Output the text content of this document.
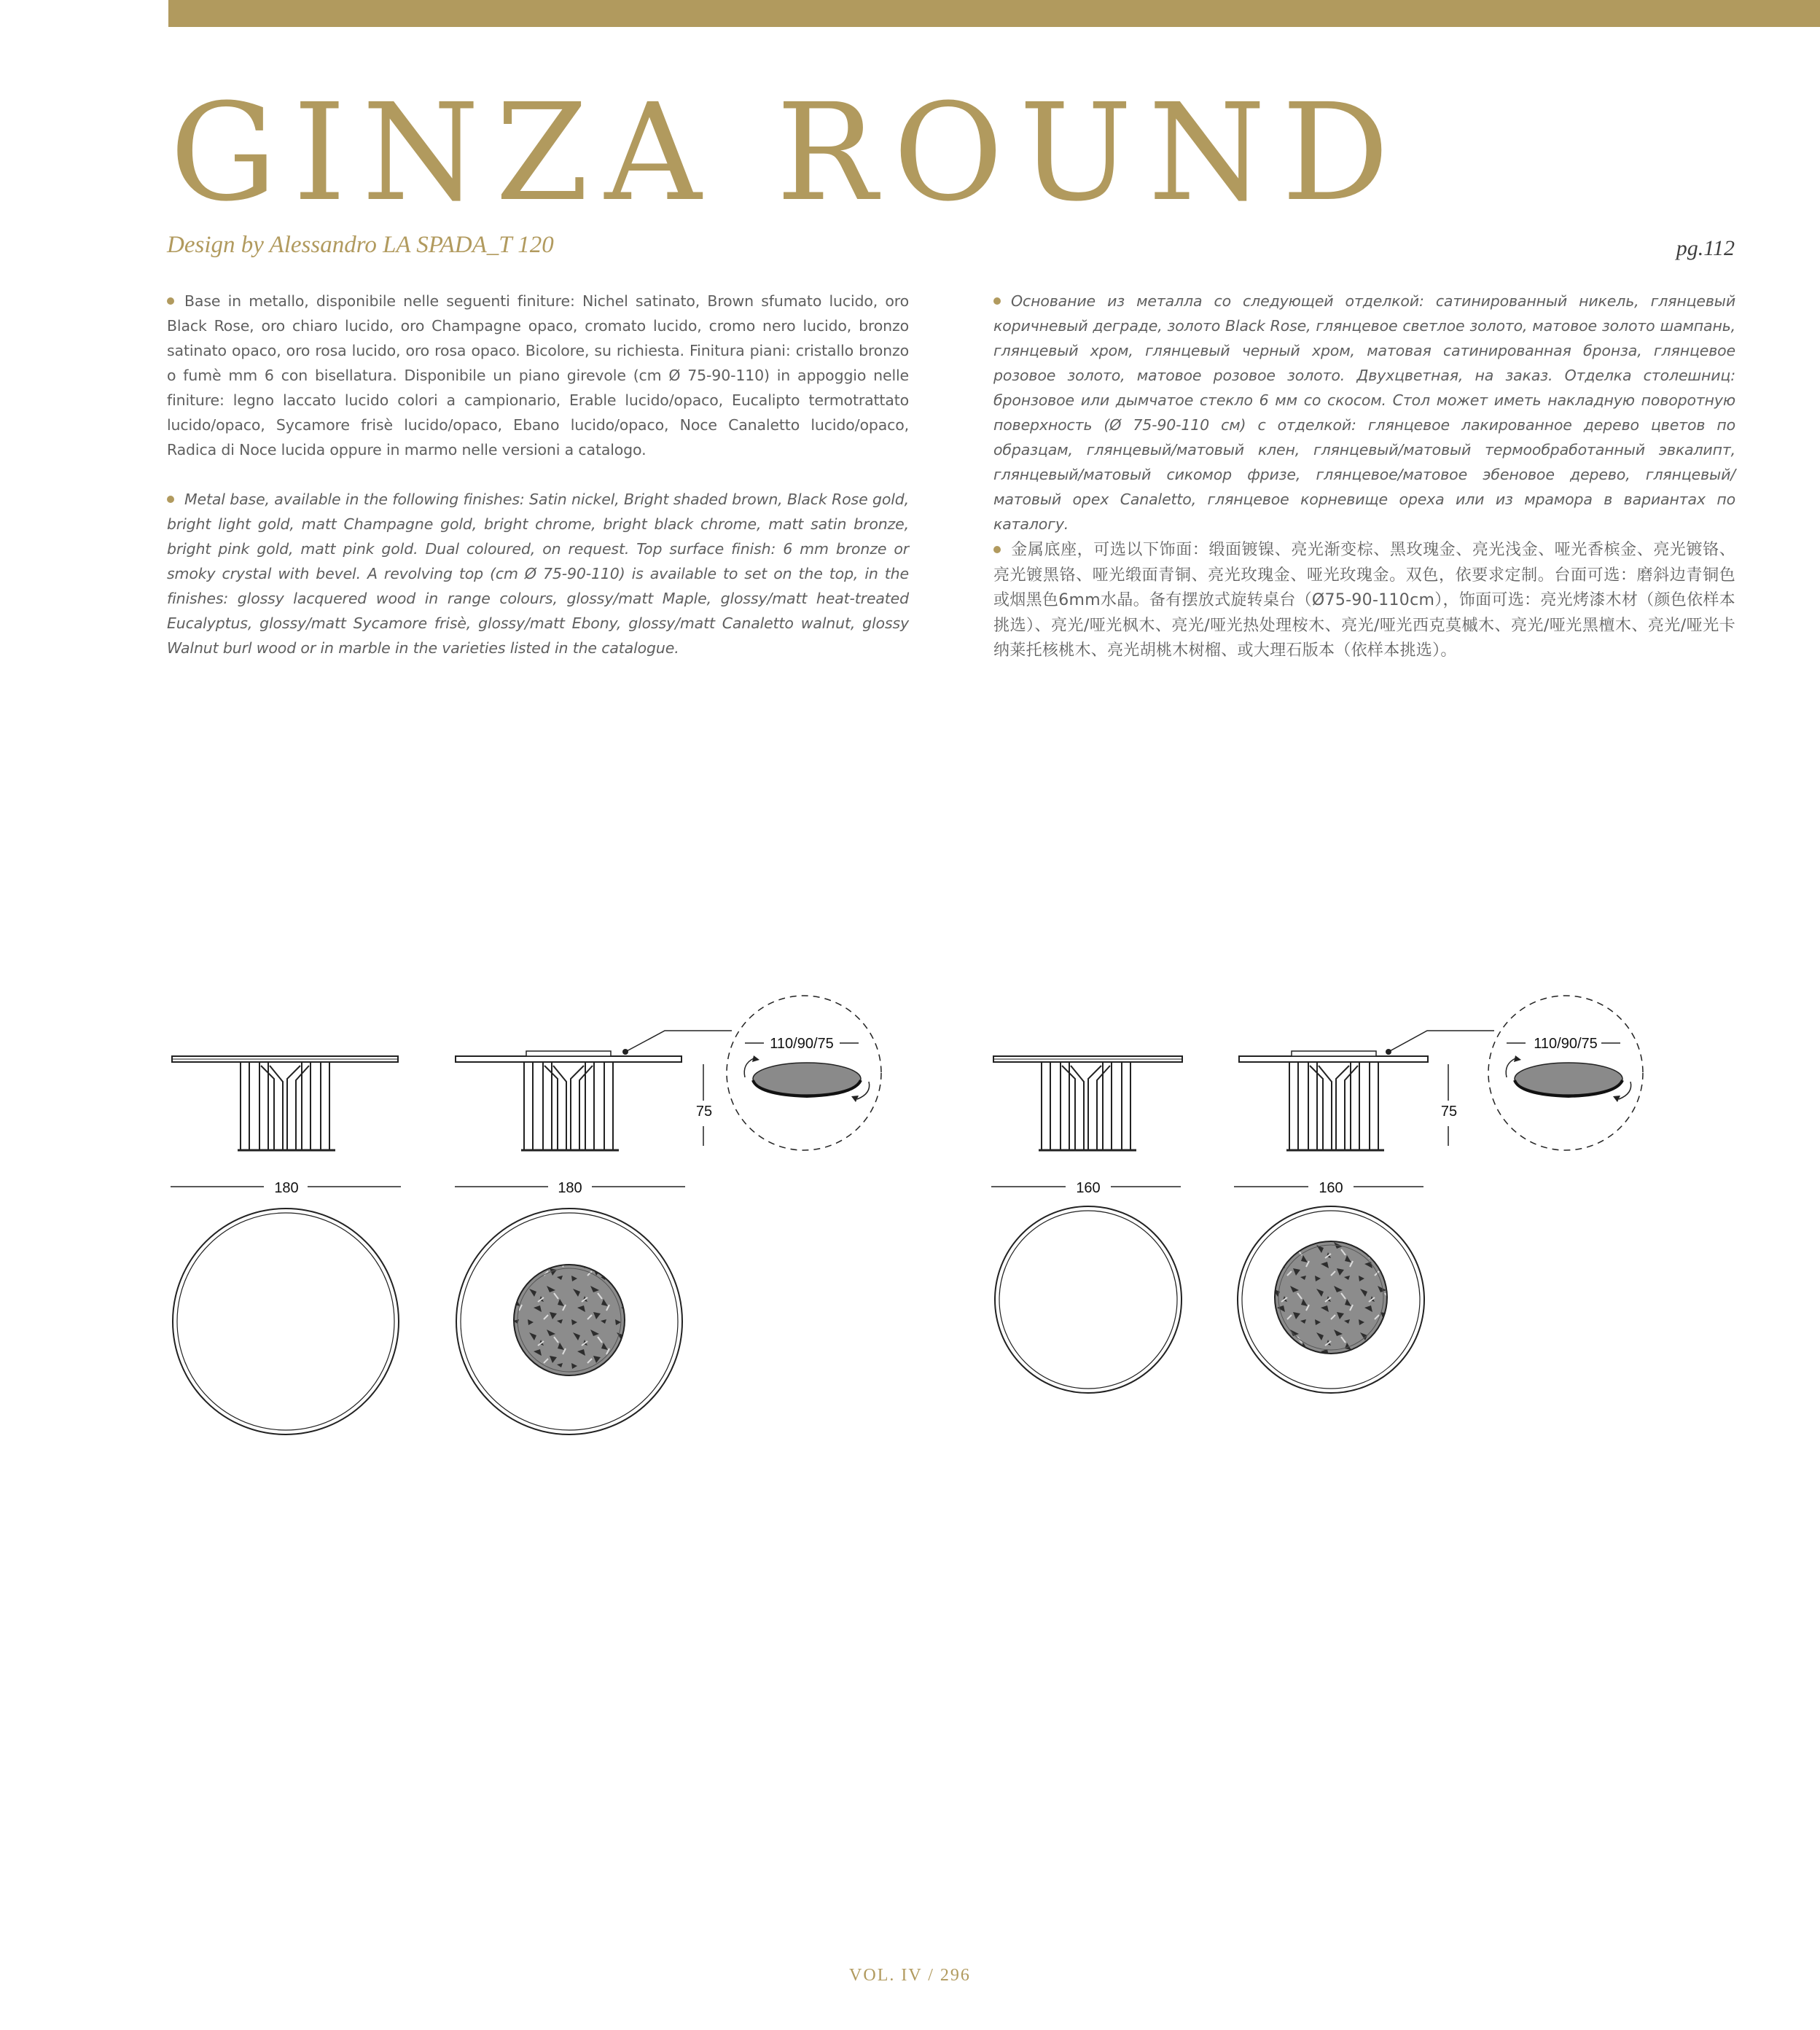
GINZA ROUND
Design by Alessandro LA SPADA_T 120	pg.112
Base in metallo, disponibile nelle seguenti finiture: Nichel satinato, Brown sfumato lucido, oro Black Rose, oro chiaro lucido, oro Champagne opaco, cromato lucido, cromo nero lucido, bronzo satinato opaco, oro rosa lucido, oro rosa opaco. Bicolore, su richiesta. Finitura piani: cristallo bronzo o fumè mm 6 con bisellatura. Disponibile un piano girevole (cm Ø 75-90-110) in appoggio nelle finiture: legno laccato lucido colori a campionario, Erable lucido/opaco, Eucalipto termotrattato lucido/opaco, Sycamore frisè lucido/opaco, Ebano lucido/opaco, Noce Canaletto lucido/opaco, Radica di Noce lucida oppure in marmo nelle versioni a catalogo.
Metal base, available in the following finishes: Satin nickel, Bright shaded brown, Black Rose gold, bright light gold, matt Champagne gold, bright chrome, bright black chrome, matt satin bronze, bright pink gold, matt pink gold. Dual coloured, on request. Top surface finish: 6 mm bronze or smoky crystal with bevel. A revolving top (cm Ø 75-90-110) is available to set on the top, in the finishes: glossy lacquered wood in range colours, glossy/matt Maple, glossy/matt heat-treated Eucalyptus, glossy/matt Sycamore frisè, glossy/matt Ebony, glossy/matt Canaletto walnut, glossy Walnut burl wood or in marble in the varieties listed in the catalogue.
Основание из металла со следующей отделкой: сатинированный никель, глянцевый коричневый деграде, золото Black Rose, глянцевое светлое золото, матовое золото шампань, глянцевый хром, глянцевый черный хром, матовая сатинированная бронза, глянцевое розовое золото, матовое розовое золото. Двухцветная, на заказ. Отделка столешниц: бронзовое или дымчатое стекло 6 мм со скосом. Стол может иметь накладную поворотную поверхность (Ø 75-90-110 см) с отделкой: глянцевое лакированное дерево цветов по образцам, глянцевый/матовый клен, глянцевый/матовый термообработанный эвкалипт, глянцевый/матовый сикомор фризе, глянцевое/матовое эбеновое дерево, глянцевый/матовый орех Canaletto, глянцевое корневище ореха или из мрамора в вариантах по каталогу.
金属底座，可选以下饰面：缎面镀镍、亮光渐变棕、黑玫瑰金、亮光浅金、哑光香槟金、亮光镀铬、亮光镀黑铬、哑光缎面青铜、亮光玫瑰金、哑光玫瑰金。双色，依要求定制。台面可选：磨斜边青铜色或烟黑色6mm水晶。备有摆放式旋转桌台（Ø75-90-110cm），饰面可选：亮光烤漆木材（颜色依样本挑选）、亮光/哑光枫木、亮光/哑光热处理桉木、亮光/哑光西克莫槭木、亮光/哑光黑檀木、亮光/哑光卡纳莱托核桃木、亮光胡桃木树榴、或大理石版本（依样本挑选）。
75
110/90/75
75
110/90/75
180	180	160	160
VOL. IV / 296
